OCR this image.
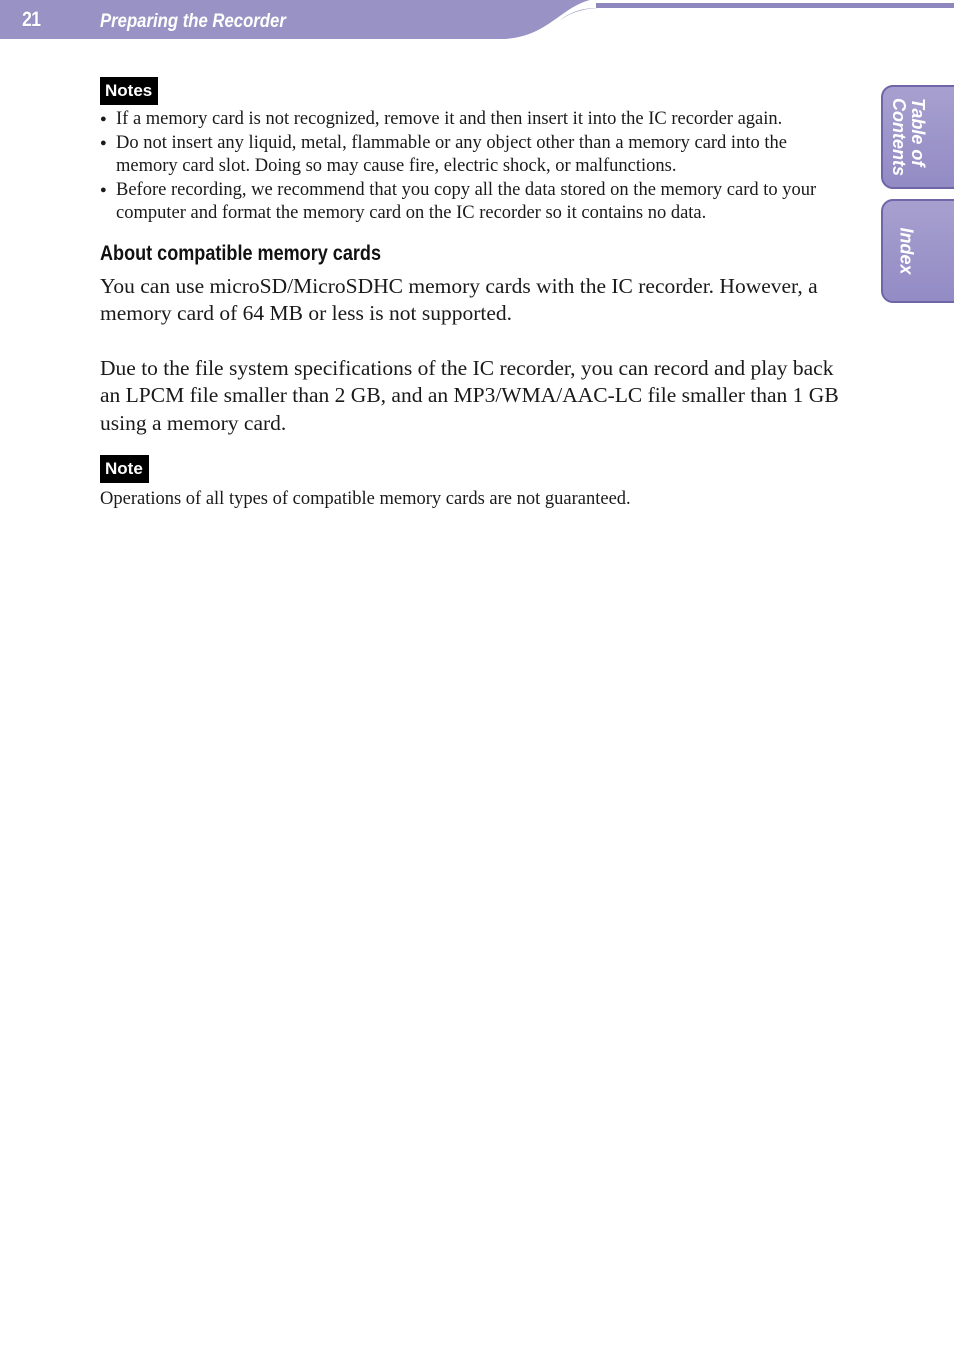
21	Preparing the Recorder
Table of
Contents
Index
Notes
● If a memory card is not recognized, remove it and then insert it into the IC recorder again.
● Do not insert any liquid, metal, flammable or any object other than a memory card into the memory card slot. Doing so may cause fire, electric shock, or malfunctions.
● Before recording, we recommend that you copy all the data stored on the memory card to your computer and format the memory card on the IC recorder so it contains no data.
About compatible memory cards

You can use microSD/MicroSDHC memory cards with the IC recorder. However, a memory card of 64 MB or less is not supported.

Due to the file system specifications of the IC recorder, you can record and play back an LPCM file smaller than 2 GB, and an MP3/WMA/AAC-LC file smaller than 1 GB using a memory card.

Note

Operations of all types of compatible memory cards are not guaranteed.
